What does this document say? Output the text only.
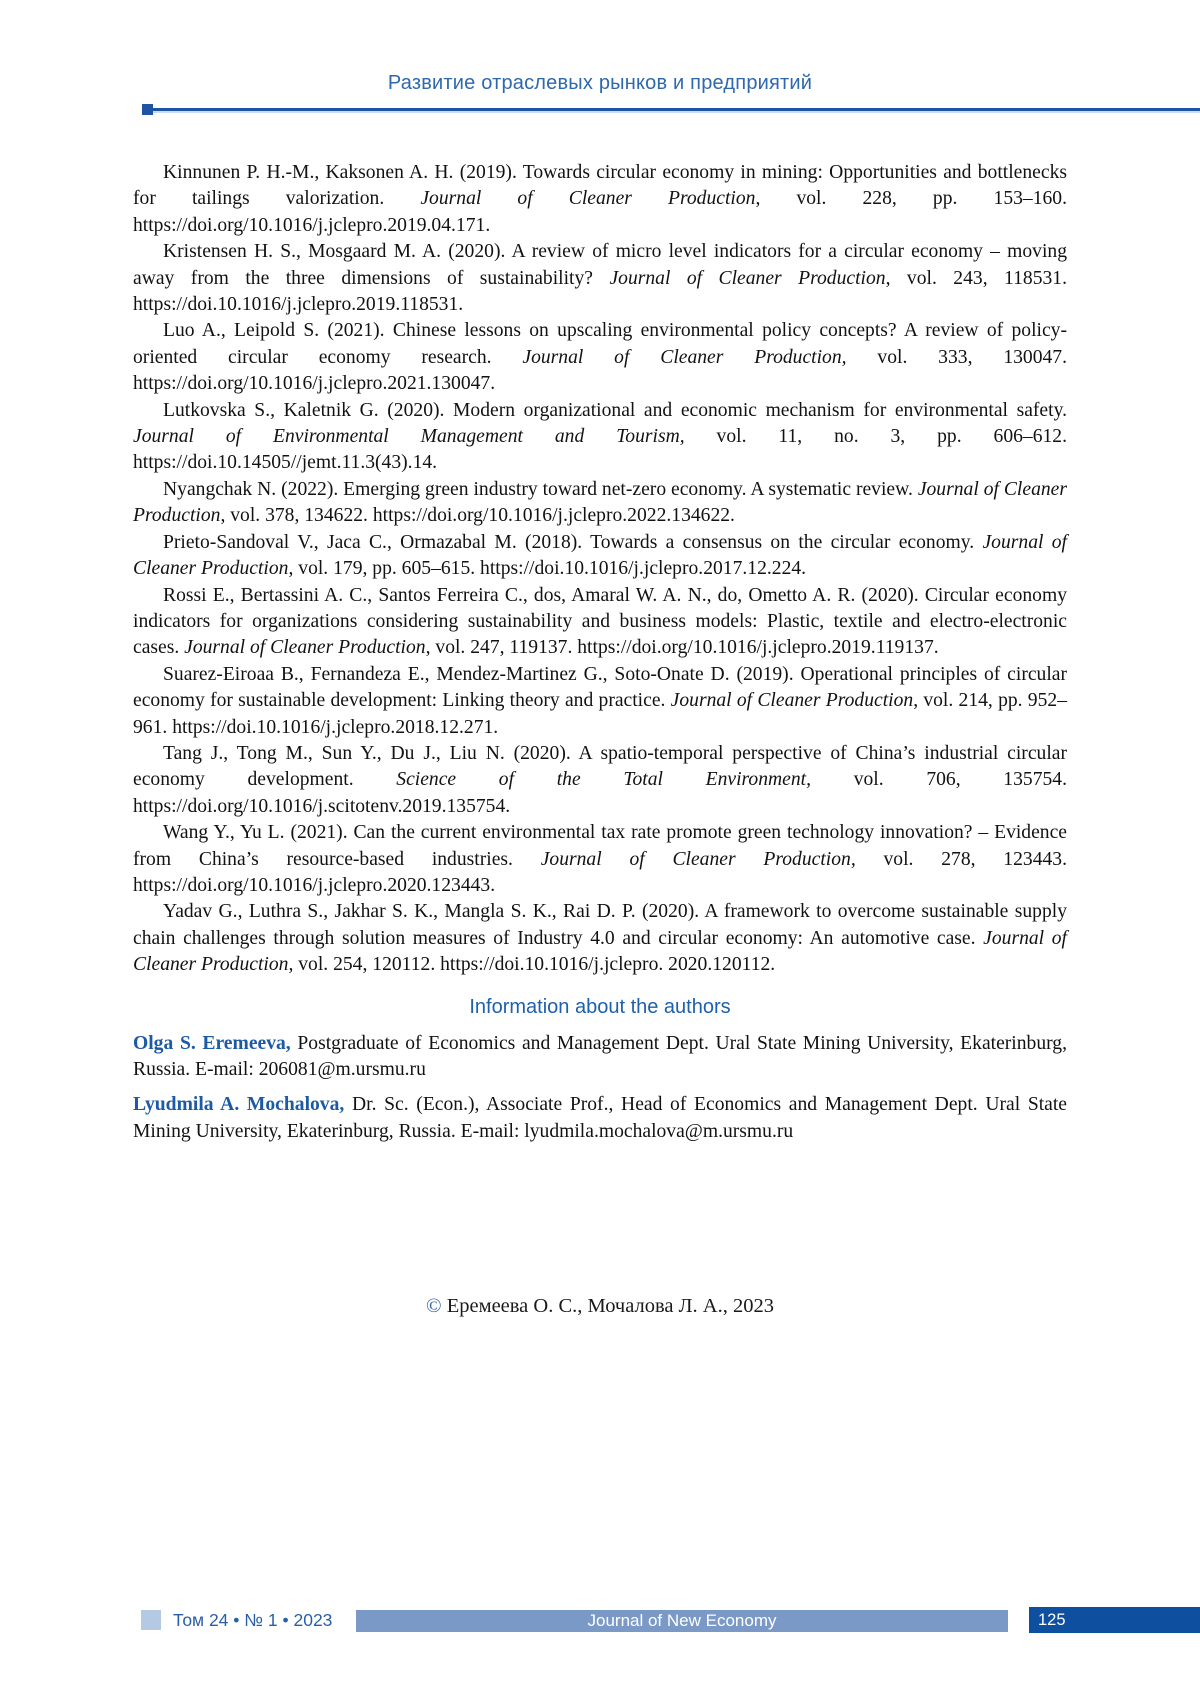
Развитие отраслевых рынков и предприятий

Kinnunen P. H.-M., Kaksonen A. H. (2019). Towards circular economy in mining: Opportunities and bottlenecks for tailings valorization. Journal of Cleaner Production, vol. 228, pp. 153–160. https://doi.org/10.1016/j.jclepro.2019.04.171.

Kristensen H. S., Mosgaard M. A. (2020). A review of micro level indicators for a circular economy – moving away from the three dimensions of sustainability? Journal of Cleaner Production, vol. 243, 118531. https://doi.10.1016/j.jclepro.2019.118531.

Luo A., Leipold S. (2021). Chinese lessons on upscaling environmental policy concepts? A review of policy-oriented circular economy research. Journal of Cleaner Production, vol. 333, 130047. https://doi.org/10.1016/j.jclepro.2021.130047.

Lutkovska S., Kaletnik G. (2020). Modern organizational and economic mechanism for environmental safety. Journal of Environmental Management and Tourism, vol. 11, no. 3, pp. 606–612. https://doi.10.14505//jemt.11.3(43).14.

Nyangchak N. (2022). Emerging green industry toward net-zero economy. A systematic review. Journal of Cleaner Production, vol. 378, 134622. https://doi.org/10.1016/j.jclepro.2022.134622.

Prieto-Sandoval V., Jaca C., Ormazabal M. (2018). Towards a consensus on the circular economy. Journal of Cleaner Production, vol. 179, pp. 605–615. https://doi.10.1016/j.jclepro.2017.12.224.

Rossi E., Bertassini A. C., Santos Ferreira C., dos, Amaral W. A. N., do, Ometto A. R. (2020). Circular economy indicators for organizations considering sustainability and business models: Plastic, textile and electro-electronic cases. Journal of Cleaner Production, vol. 247, 119137. https://doi.org/10.1016/j.jclepro.2019.119137.

Suarez-Eiroaa B., Fernandeza E., Mendez-Martinez G., Soto-Onate D. (2019). Operational principles of circular economy for sustainable development: Linking theory and practice. Journal of Cleaner Production, vol. 214, pp. 952–961. https://doi.10.1016/j.jclepro.2018.12.271.

Tang J., Tong M., Sun Y., Du J., Liu N. (2020). A spatio-temporal perspective of China’s industrial circular economy development. Science of the Total Environment, vol. 706, 135754. https://doi.org/10.1016/j.scitotenv.2019.135754.

Wang Y., Yu L. (2021). Can the current environmental tax rate promote green technology innovation? – Evidence from China’s resource-based industries. Journal of Cleaner Production, vol. 278, 123443. https://doi.org/10.1016/j.jclepro.2020.123443.

Yadav G., Luthra S., Jakhar S. K., Mangla S. K., Rai D. P. (2020). A framework to overcome sustainable supply chain challenges through solution measures of Industry 4.0 and circular economy: An automotive case. Journal of Cleaner Production, vol. 254, 120112. https://doi.10.1016/j.jclepro. 2020.120112.

Information about the authors

Olga S. Eremeeva, Postgraduate of Economics and Management Dept. Ural State Mining University, Ekaterinburg, Russia. E-mail: 206081@m.ursmu.ru

Lyudmila A. Mochalova, Dr. Sc. (Econ.), Associate Prof., Head of Economics and Management Dept. Ural State Mining University, Ekaterinburg, Russia. E-mail: lyudmila.mochalova@m.ursmu.ru

© Еремеева О. С., Мочалова Л. А., 2023
Том 24 • № 1 • 2023	Journal of New Economy	125
